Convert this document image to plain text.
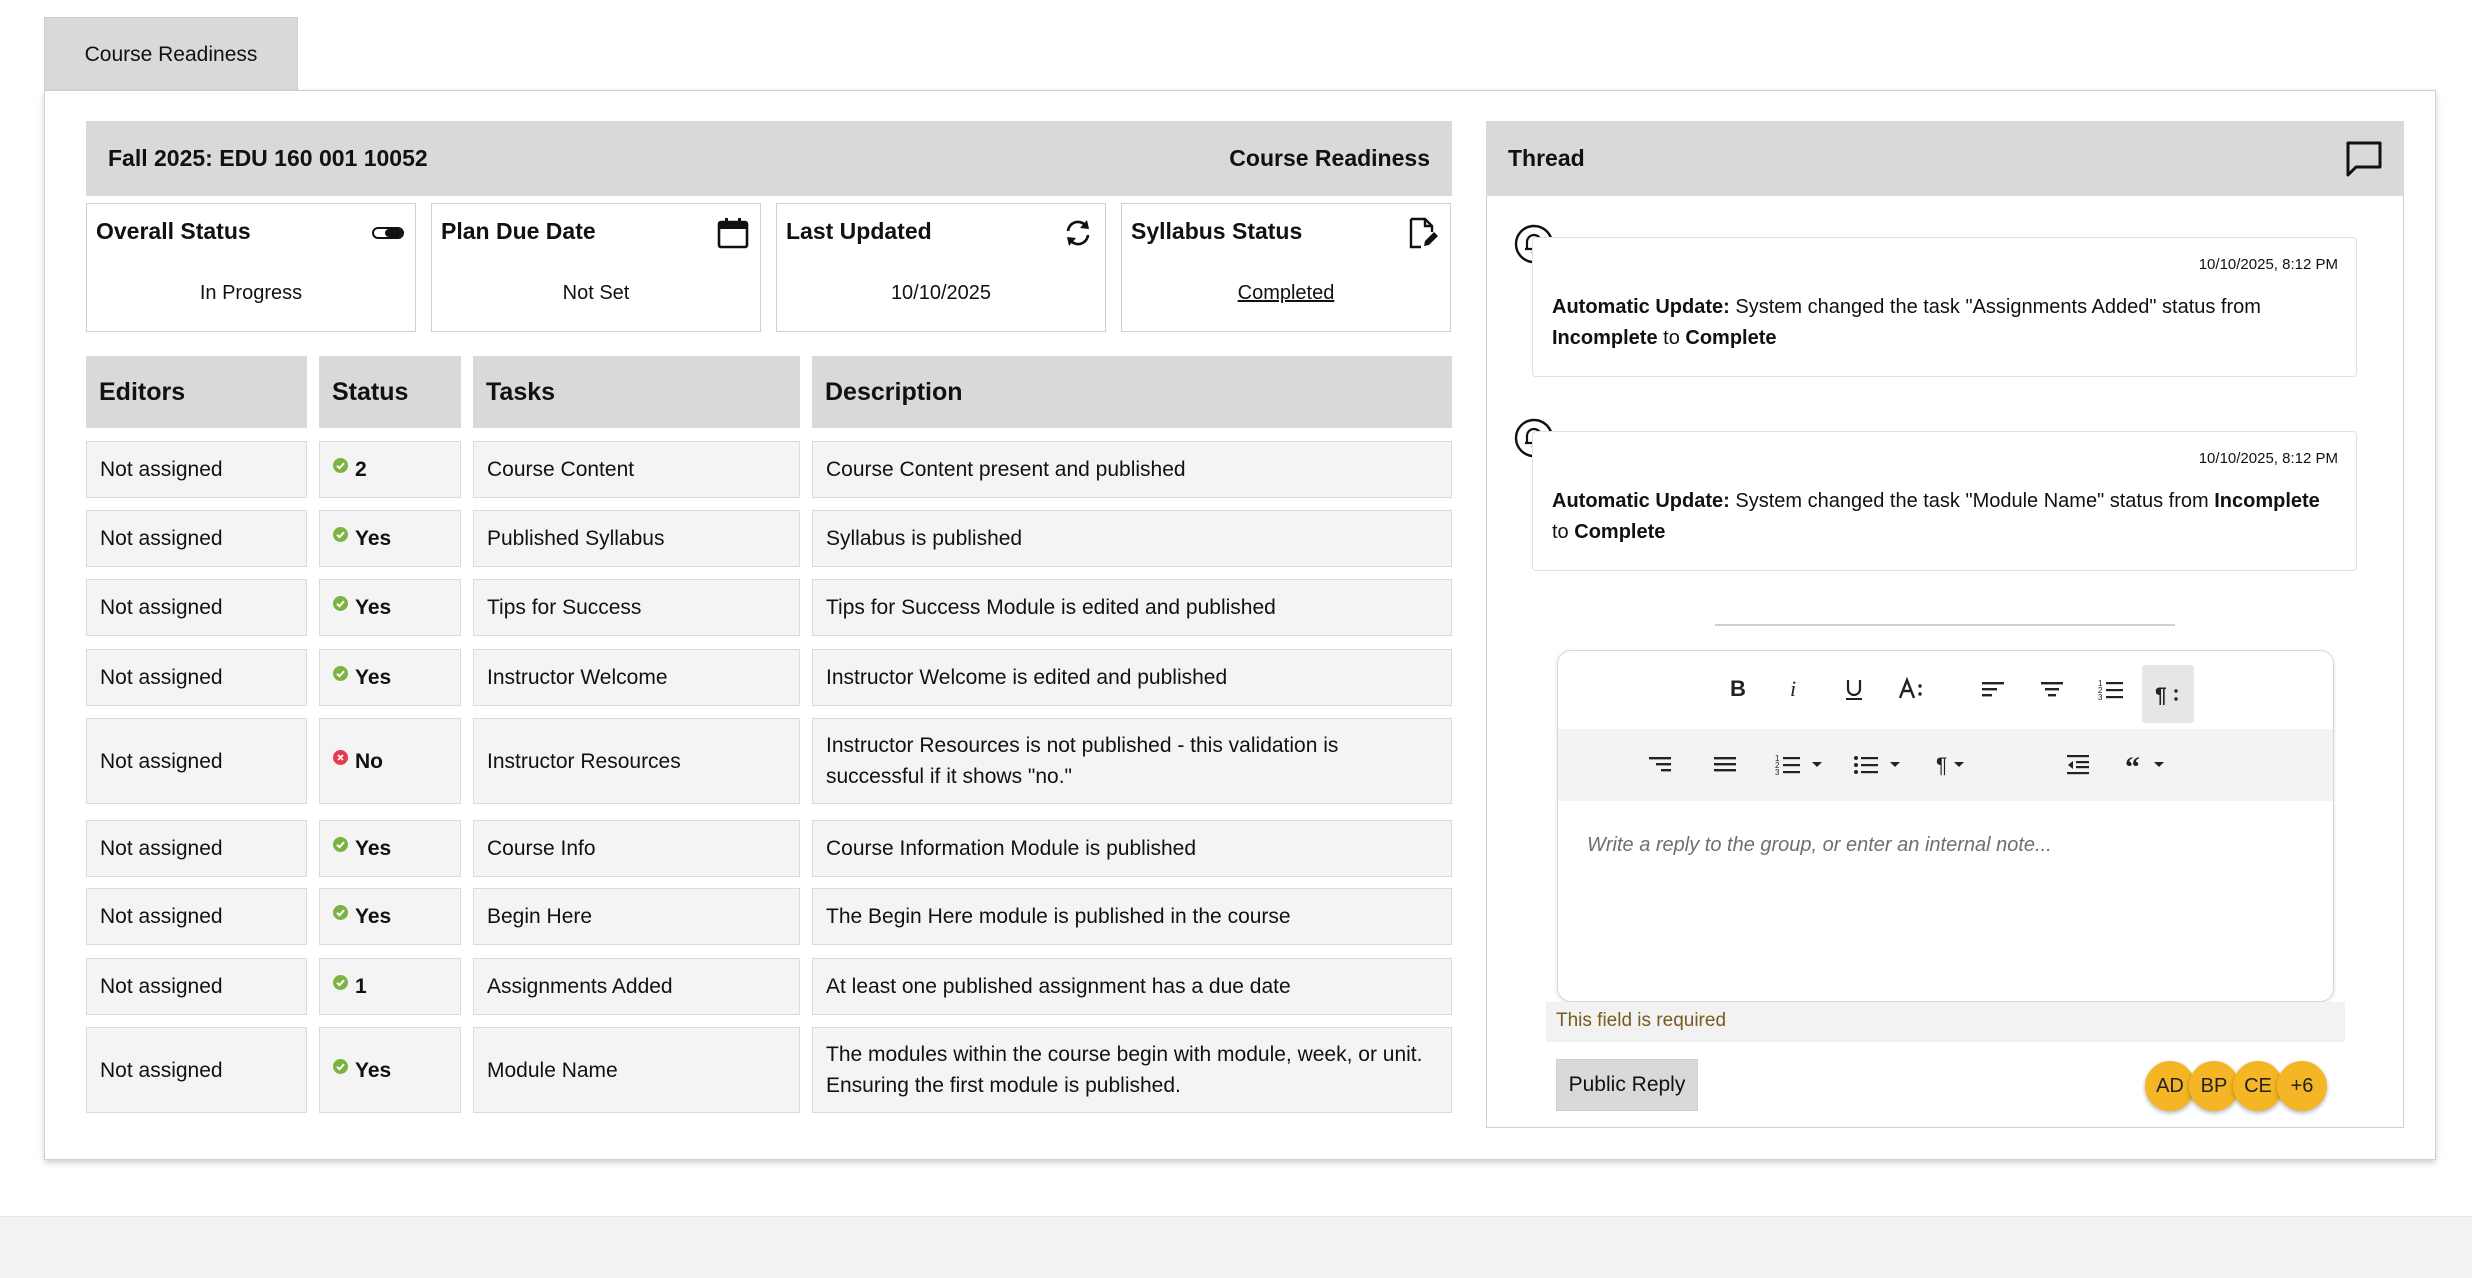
Course Readiness
Fall 2025: EDU 160 001 10052	Course Readiness
Overall Status
In Progress
Plan Due Date
Not Set
Last Updated
10/10/2025
Syllabus Status
Completed
Editors	Status	Tasks	Description
Not assigned	2	Course Content	Course Content present and published
Not assigned	Yes	Published Syllabus	Syllabus is published
Not assigned	Yes	Tips for Success	Tips for Success Module is edited and published
Not assigned	Yes	Instructor Welcome	Instructor Welcome is edited and published
Not assigned	No	Instructor Resources
Instructor Resources is not published - this validation is successful if it shows "no."
Not assigned	Yes	Course Info	Course Information Module is published
Not assigned	Yes	Begin Here	The Begin Here module is published in the course
Not assigned	1	Assignments Added	At least one published assignment has a due date
Not assigned	Yes	Module Name
The modules within the course begin with module, week, or unit. Ensuring the first module is published.
Thread
10/10/2025, 8:12 PM
Automatic Update: System changed the task "Assignments Added" status from Incomplete to Complete
10/10/2025, 8:12 PM
Automatic Update: System changed the task "Module Name" status from Incomplete to Complete
B i	1
2
3	¶
1
2
3	¶	“
Write a reply to the group, or enter an internal note...
This field is required
Public Reply	AD BP CE +6
